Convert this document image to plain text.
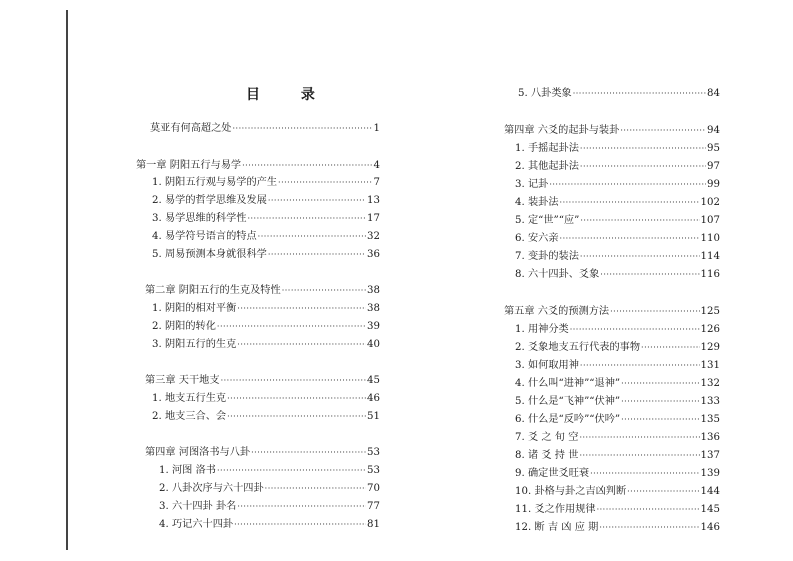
目 录
莫亚有何高超之处 ·····	1
第一章 阴阳五行与易学 ·····	4
1. 阴阳五行观与易学的产生 ·····	7
2. 易学的哲学思维及发展 ·····	13
3. 易学思维的科学性 ·····	17
4. 易学符号语言的特点 ·····	32
5. 周易预测本身就很科学 ·····	36
第二章 阴阳五行的生克及特性 ·····	38
1. 阴阳的相对平衡 ·····	38
2. 阴阳的转化 ·····	39
3. 阴阳五行的生克 ·····	40
第三章 天干地支 ·····	45
1. 地支五行生克 ·····	46
2. 地支三合、会 ·····	51
第四章 河图洛书与八卦 ·····	53
1. 河图 洛书 ·····	53
2. 八卦次序与六十四卦 ·····	70
3. 六十四卦 卦名 ·····	77
4. 巧记六十四卦 ·····	81
5. 八卦类象 ·····	84
第四章 六爻的起卦与装卦 ·····	94
1. 手摇起卦法 ·····	95
2. 其他起卦法 ·····	97
3. 记卦 ·····	99
4. 装卦法 ·····	102
5. 定“世”“应” ·····	107
6. 安六亲 ·····	110
7. 变卦的装法 ·····	114
8. 六十四卦、爻象 ·····	116
第五章 六爻的预测方法 ·····	125
1. 用神分类 ·····	126
2. 爻象地支五行代表的事物 ·····	129
3. 如何取用神 ·····	131
4. 什么叫“进神”“退神” ·····	132
5. 什么是“飞神”“伏神” ·····	133
6. 什么是“反吟”“伏吟” ·····	135
7. 爻 之 旬 空 ·····	136
8. 诸 爻 持 世 ·····	137
9. 确定世爻旺衰 ·····	139
10. 卦格与卦之吉凶判断 ·····	144
11. 爻之作用规律 ·····	145
12. 断 吉 凶 应 期 ·····	146
